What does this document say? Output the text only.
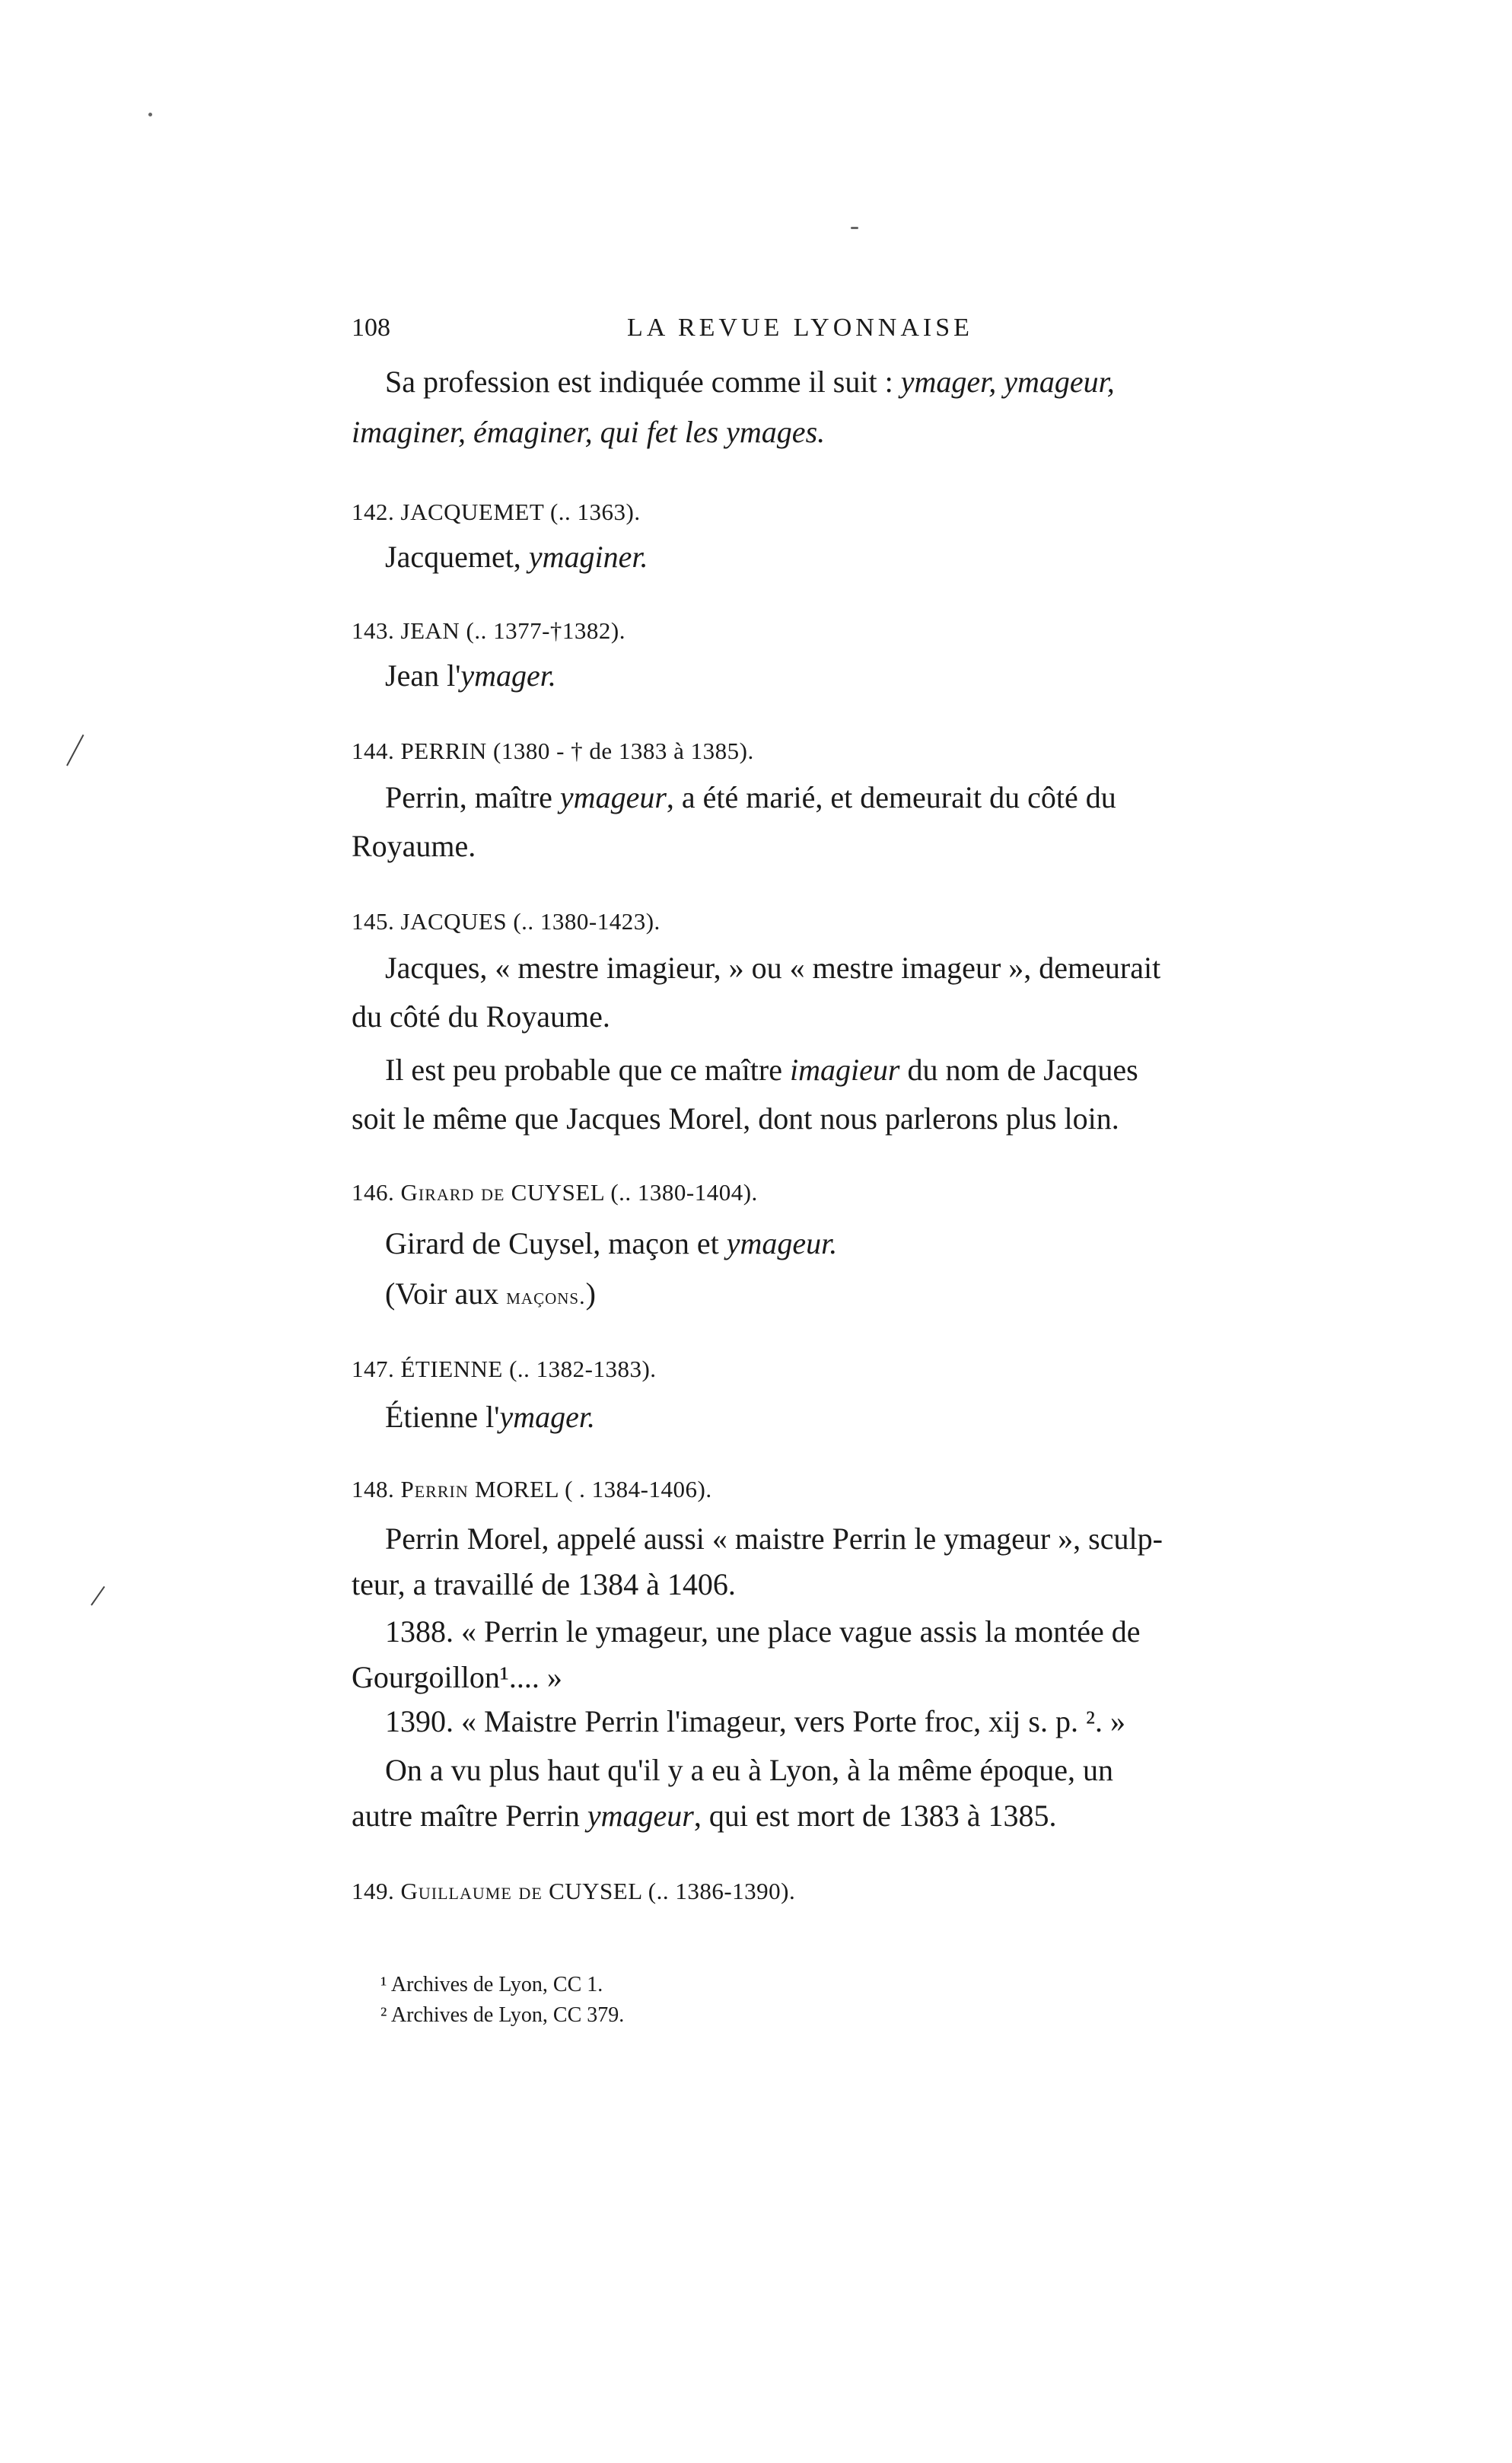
108	LA REVUE LYONNAISE
Sa profession est indiquée comme il suit : ymager, ymageur,
imaginer, émaginer, qui fet les ymages.
142. JACQUEMET (.. 1363).
Jacquemet, ymaginer.
143. JEAN (.. 1377-†1382).
Jean l'ymager.
144. PERRIN (1380 - † de 1383 à 1385).
Perrin, maître ymageur, a été marié, et demeurait du côté du
Royaume.
145. JACQUES (.. 1380-1423).
Jacques, « mestre imagieur, » ou « mestre imageur », demeurait
du côté du Royaume.
Il est peu probable que ce maître imagieur du nom de Jacques
soit le même que Jacques Morel, dont nous parlerons plus loin.
146. Girard de CUYSEL (.. 1380-1404).
Girard de Cuysel, maçon et ymageur.
(Voir aux maçons.)
147. ÉTIENNE (.. 1382-1383).
Étienne l'ymager.
148. Perrin MOREL ( . 1384-1406).
Perrin Morel, appelé aussi « maistre Perrin le ymageur », sculp-
teur, a travaillé de 1384 à 1406.
1388. « Perrin le ymageur, une place vague assis la montée de
Gourgoillon¹.... »
1390. « Maistre Perrin l'imageur, vers Porte froc, xij s. p. ². »
On a vu plus haut qu'il y a eu à Lyon, à la même époque, un
autre maître Perrin ymageur, qui est mort de 1383 à 1385.
149. Guillaume de CUYSEL (.. 1386-1390).
¹ Archives de Lyon, CC 1.
² Archives de Lyon, CC 379.
